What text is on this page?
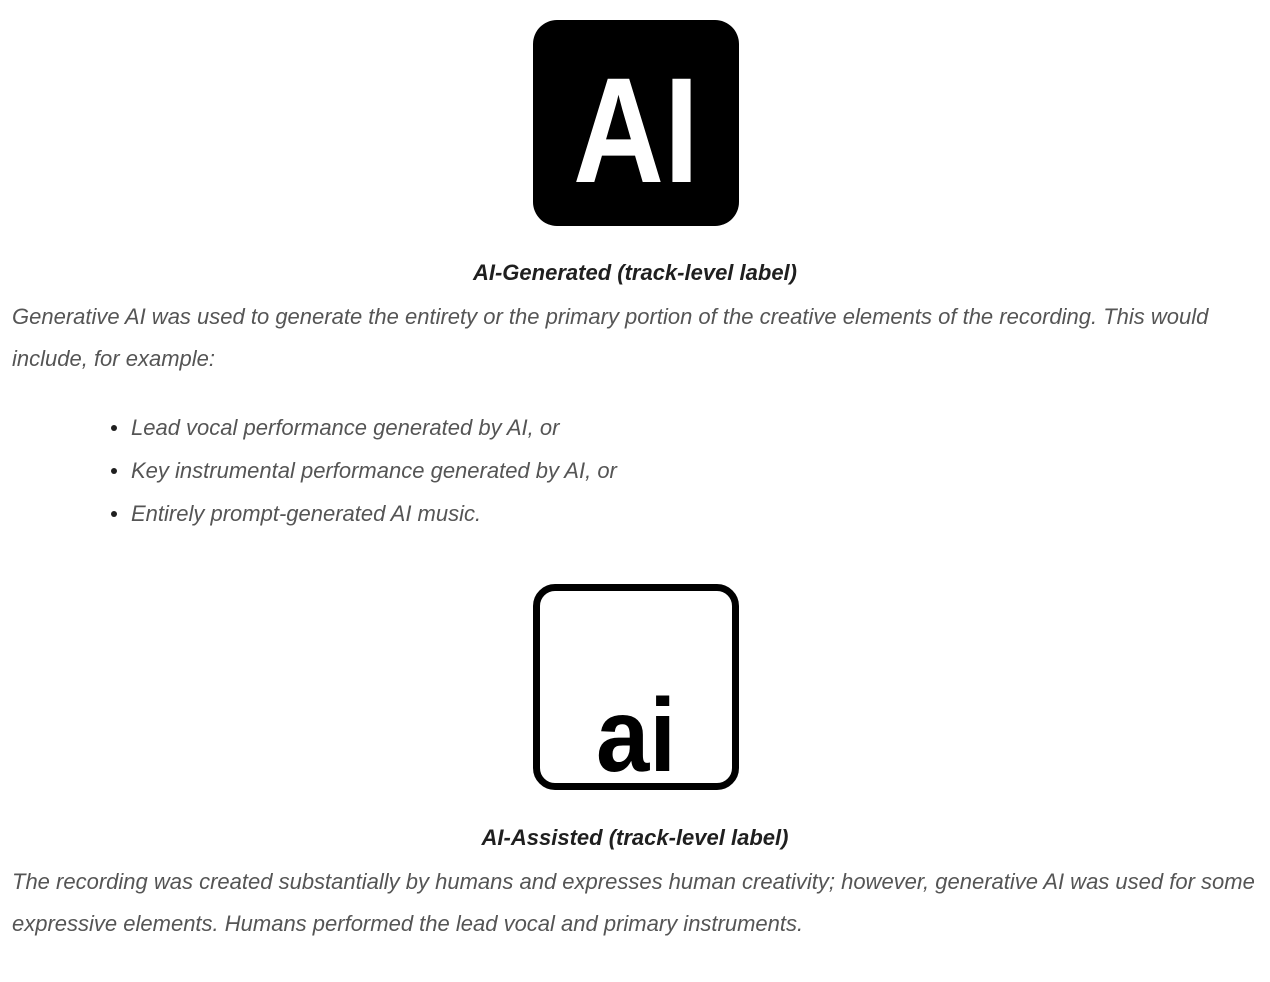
AI

AI-Generated (track-level label)

Generative AI was used to generate the entirety or the primary portion of the creative elements of the recording. This would include, for example:

Lead vocal performance generated by AI, or
Key instrumental performance generated by AI, or
Entirely prompt-generated AI music.
ai

AI-Assisted (track-level label)

The recording was created substantially by humans and expresses human creativity; however, generative AI was used for some expressive elements. Humans performed the lead vocal and primary instruments.
